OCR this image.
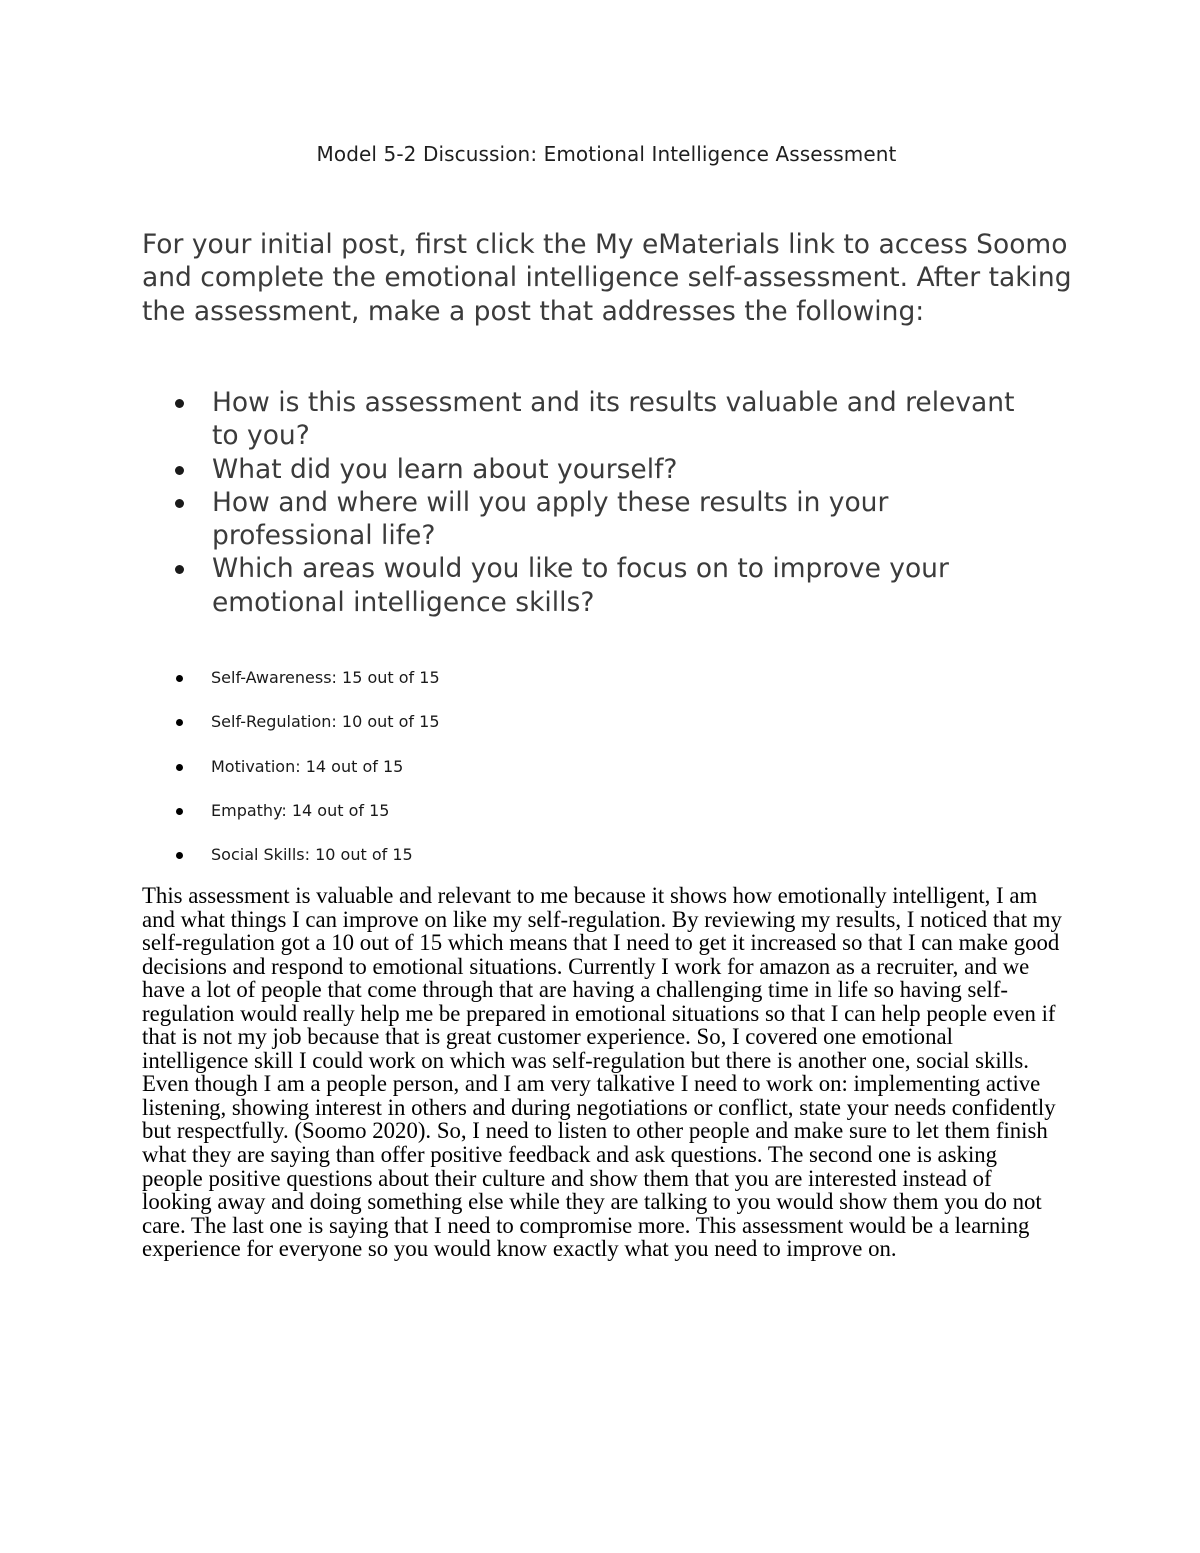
Model 5-2 Discussion: Emotional Intelligence Assessment

For your initial post, first click the My eMaterials link to access Soomo and complete the emotional intelligence self-assessment. After taking the assessment, make a post that addresses the following:

How is this assessment and its results valuable and relevant to you?
What did you learn about yourself?
How and where will you apply these results in your professional life?
Which areas would you like to focus on to improve your emotional intelligence skills?
Self-Awareness: 15 out of 15
Self-Regulation: 10 out of 15
Motivation: 14 out of 15
Empathy: 14 out of 15
Social Skills: 10 out of 15

This assessment is valuable and relevant to me because it shows how emotionally intelligent, I am and what things I can improve on like my self-regulation. By reviewing my results, I noticed that my self-regulation got a 10 out of 15 which means that I need to get it increased so that I can make good decisions and respond to emotional situations. Currently I work for amazon as a recruiter, and we have a lot of people that come through that are having a challenging time in life so having self-regulation would really help me be prepared in emotional situations so that I can help people even if that is not my job because that is great customer experience. So, I covered one emotional intelligence skill I could work on which was self-regulation but there is another one, social skills. Even though I am a people person, and I am very talkative I need to work on: implementing active listening, showing interest in others and during negotiations or conflict, state your needs confidently but respectfully. (Soomo 2020). So, I need to listen to other people and make sure to let them finish what they are saying than offer positive feedback and ask questions. The second one is asking people positive questions about their culture and show them that you are interested instead of looking away and doing something else while they are talking to you would show them you do not care. The last one is saying that I need to compromise more. This assessment would be a learning experience for everyone so you would know exactly what you need to improve on.
